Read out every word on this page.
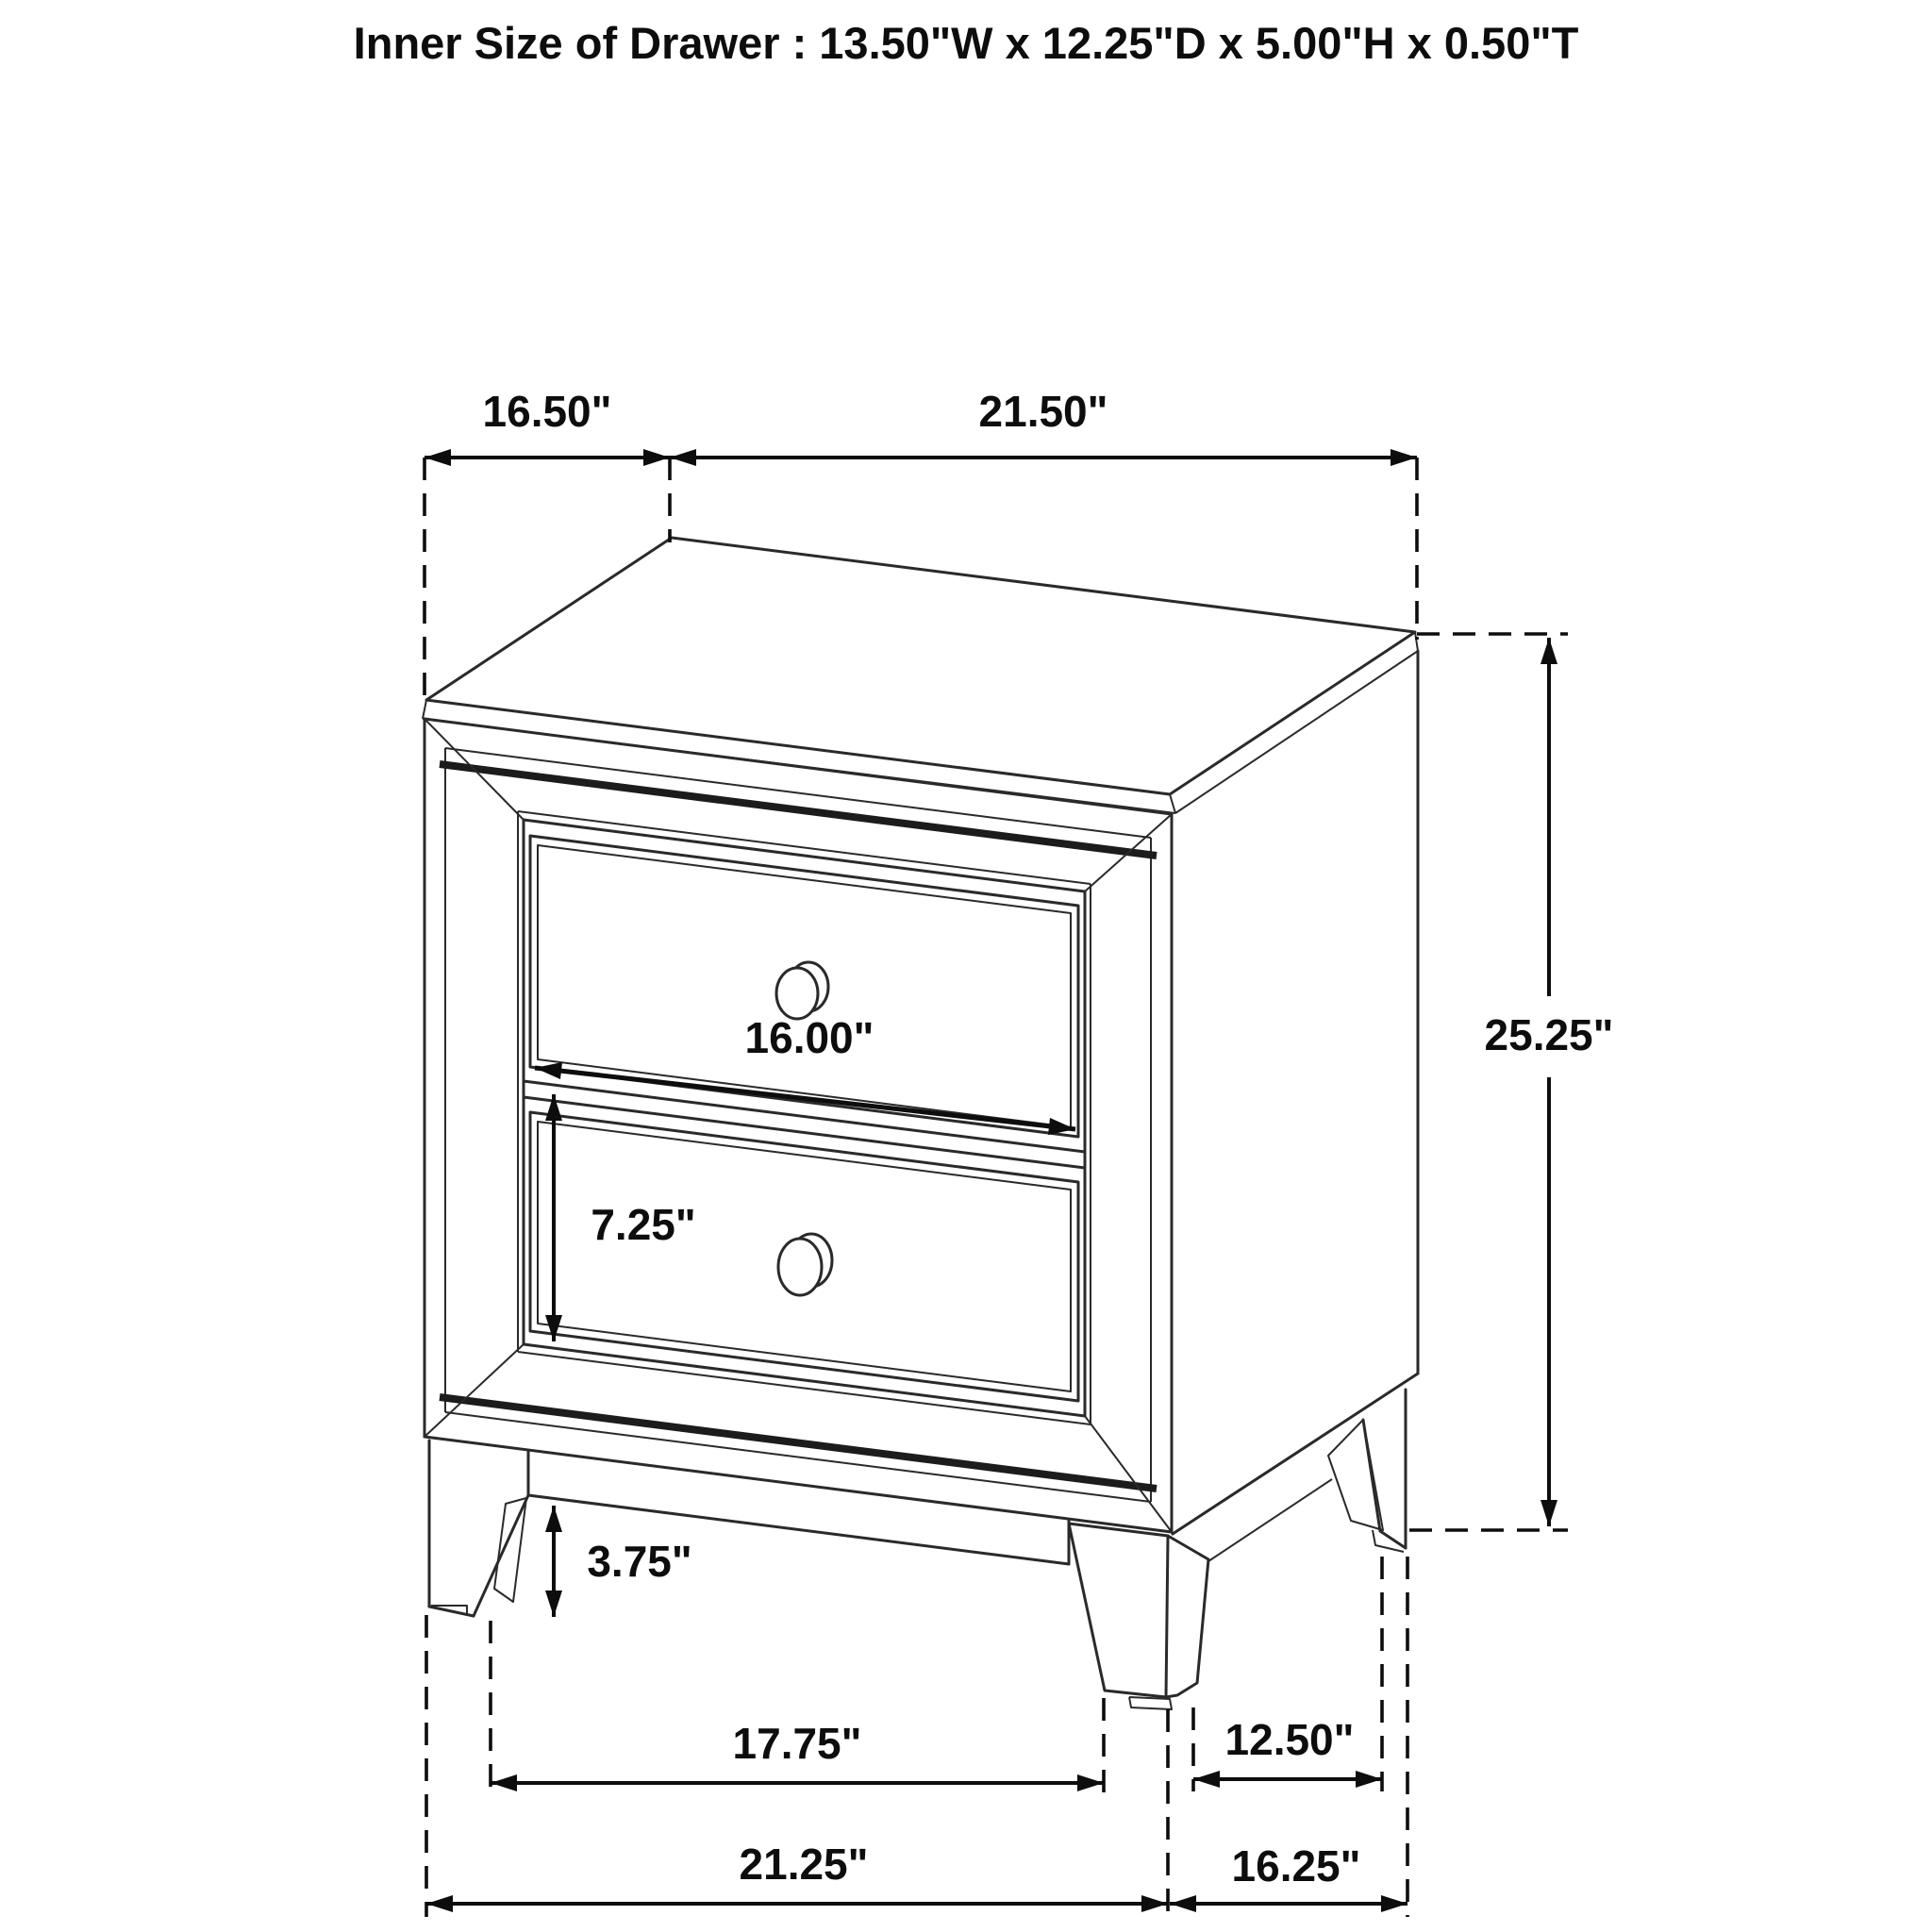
Inner Size of Drawer : 13.50"W x 12.25"D x 5.00"H x 0.50"T
16.50"	21.50"
25.25"
16.00"
7.25"
3.75"
17.75"	12.50"
21.25"	16.25"
